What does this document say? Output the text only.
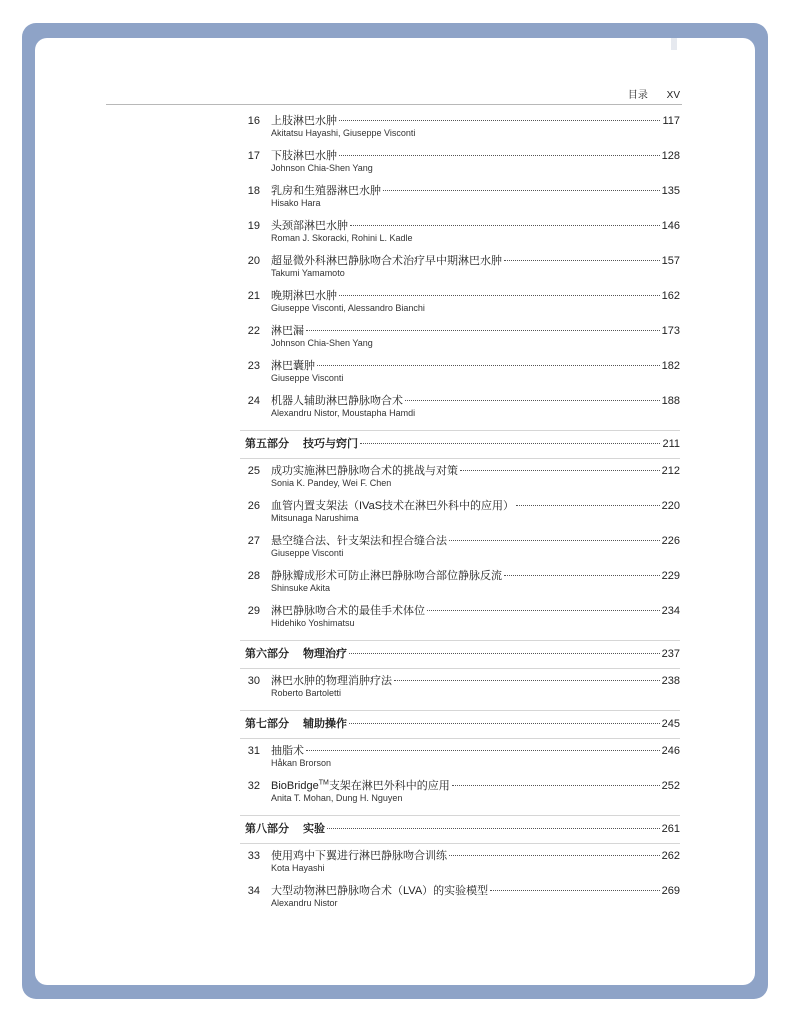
目录 XV
16 上肢淋巴水肿	117
Akitatsu Hayashi, Giuseppe Visconti
17 下肢淋巴水肿	128
Johnson Chia-Shen Yang
18 乳房和生殖器淋巴水肿	135
Hisako Hara
19 头颈部淋巴水肿	146
Roman J. Skoracki, Rohini L. Kadle
20 超显微外科淋巴静脉吻合术治疗早中期淋巴水肿	157
Takumi Yamamoto
21 晚期淋巴水肿	162
Giuseppe Visconti, Alessandro Bianchi
22 淋巴漏	173
Johnson Chia-Shen Yang
23 淋巴囊肿	182
Giuseppe Visconti
24 机器人辅助淋巴静脉吻合术	188
Alexandru Nistor, Moustapha Hamdi
第五部分 技巧与窍门	211
25 成功实施淋巴静脉吻合术的挑战与对策	212
Sonia K. Pandey, Wei F. Chen
26 血管内置支架法（IVaS技术在淋巴外科中的应用）	220
Mitsunaga Narushima
27 悬空缝合法、针支架法和捏合缝合法	226
Giuseppe Visconti
28 静脉瓣成形术可防止淋巴静脉吻合部位静脉反流	229
Shinsuke Akita
29 淋巴静脉吻合术的最佳手术体位	234
Hidehiko Yoshimatsu
第六部分 物理治疗	237
30 淋巴水肿的物理消肿疗法	238
Roberto Bartoletti
第七部分 辅助操作	245
31 抽脂术	246
Håkan Brorson
32 BioBridge™支架在淋巴外科中的应用	252
Anita T. Mohan, Dung H. Nguyen
第八部分 实验	261
33 使用鸡中下翼进行淋巴静脉吻合训练	262
Kota Hayashi
34 大型动物淋巴静脉吻合术（LVA）的实验模型	269
Alexandru Nistor
